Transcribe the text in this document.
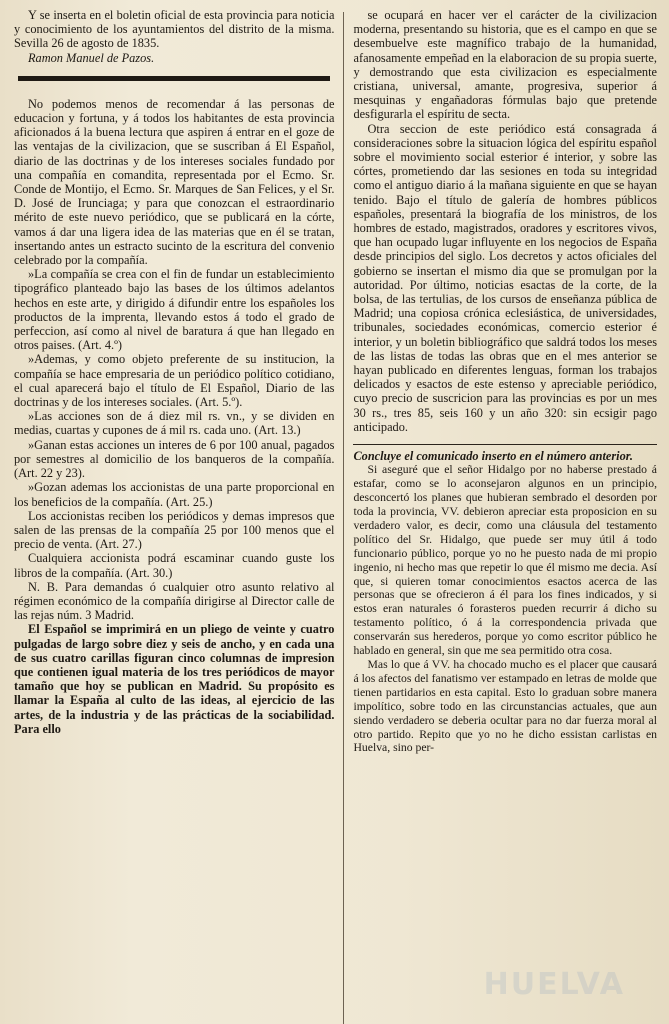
Y se inserta en el boletin oficial de esta provincia para noticia y conocimiento de los ayuntamientos del distrito de la misma. Sevilla 26 de agosto de 1835.

Ramon Manuel de Pazos.

No podemos menos de recomendar á las personas de educacion y fortuna, y á todos los habitantes de esta provincia aficionados á la buena lectura que aspiren á entrar en el goze de las ventajas de la civilizacion, que se suscriban á El Español, diario de las doctrinas y de los intereses sociales fundado por una compañía en comandita, representada por el Ecmo. Sr. Conde de Montijo, el Ecmo. Sr. Marques de San Felices, y el Sr. D. José de Irunciaga; y para que conozcan el estraordinario mérito de este nuevo periódico, que se publicará en la córte, vamos á dar una ligera idea de las materias que en él se tratan, insertando antes un estracto sucinto de la escritura del convenio celebrado por la compañía.

»La compañía se crea con el fin de fundar un establecimiento tipográfico planteado bajo las bases de los últimos adelantos hechos en este arte, y dirigido á difundir entre los españoles los productos de la imprenta, llevando estos á todo el grado de perfeccion, así como al nivel de baratura á que han llegado en otros paises. (Art. 4.º)

»Ademas, y como objeto preferente de su institucion, la compañía se hace empresaria de un periódico político cotidiano, el cual aparecerá bajo el título de El Español, Diario de las doctrinas y de los intereses sociales. (Art. 5.º).

»Las acciones son de á diez mil rs. vn., y se dividen en medias, cuartas y cupones de á mil rs. cada uno. (Art. 13.)

»Ganan estas acciones un interes de 6 por 100 anual, pagados por semestres al domicilio de los banqueros de la compañía. (Art. 22 y 23).

»Gozan ademas los accionistas de una parte proporcional en los beneficios de la compañía. (Art. 25.)

Los accionistas reciben los periódicos y demas impresos que salen de las prensas de la compañía 25 por 100 menos que el precio de venta. (Art. 27.)

Cualquiera accionista podrá escaminar cuando guste los libros de la compañía. (Art. 30.)

N. B. Para demandas ó cualquier otro asunto relativo al régimen económico de la compañía dirigirse al Director calle de las rejas núm. 3 Madrid.

El Español se imprimirá en un pliego de veinte y cuatro pulgadas de largo sobre diez y seis de ancho, y en cada una de sus cuatro carillas figuran cinco columnas de impresion que contienen igual materia de los tres periódicos de mayor tamaño que hoy se publican en Madrid. Su propósito es llamar la España al culto de las ideas, al ejercicio de las artes, de la industria y de las prácticas de la sociabilidad. Para ello

se ocupará en hacer ver el carácter de la civilizacion moderna, presentando su historia, que es el campo en que se desembuelve este magnífico trabajo de la humanidad, afanosamente empeñad en la elaboracion de su propia suerte, y demostrando que esta civilizacion es especialmente cristiana, universal, amante, progresiva, superior á mesquinas y engañadoras fórmulas bajo que pretende desfigurarla el espíritu de secta.

Otra seccion de este periódico está consagrada á consideraciones sobre la situacion lógica del espíritu español sobre el movimiento social esterior é interior, y sobre las córtes, prometiendo dar las sesiones en toda su integridad como el antiguo diario á la mañana siguiente en que se hayan tenido. Bajo el título de galería de hombres públicos españoles, presentará la biografía de los ministros, de los hombres de estado, magistrados, oradores y escritores vivos, que han ocupado lugar influyente en los negocios de España desde principios del siglo. Los decretos y actos oficiales del gobierno se insertan el mismo dia que se promulgan por la autoridad. Por último, noticias esactas de la corte, de la bolsa, de las tertulias, de los cursos de enseñanza pública de Madrid; una copiosa crónica eclesiástica, de universidades, tribunales, sociedades económicas, comercio esterior é interior, y un boletin bibliográfico que saldrá todos los meses de las listas de todas las obras que en el mes anterior se hayan publicado en diferentes lenguas, forman los trabajos delicados y esactos de este estenso y apreciable periódico, cuyo precio de suscricion para las provincias es por un mes 30 rs., tres 85, seis 160 y un año 320: sin ecsigir pago anticipado.

Concluye el comunicado inserto en el número anterior.

Si aseguré que el señor Hidalgo por no haberse prestado á estafar, como se lo aconsejaron algunos en un principio, desconcertó los planes que hubieran sembrado el desorden por toda la provincia, VV. debieron apreciar esta proposicion en su verdadero valor, es decir, como una cláusula del testamento político del Sr. Hidalgo, que puede ser muy útil á todo funcionario público, porque yo no he puesto nada de mi propio ingenio, ni hecho mas que repetir lo que él mismo me decia. Así que, si quieren tomar conocimientos esactos acerca de las personas que se ofrecieron á él para los fines indicados, y si estos eran naturales ó forasteros pueden recurrir á dicho su testamento político, ó á la correspondencia privada que conservarán sus herederos, porque yo como escritor público he hablado en general, sin que me sea permitido otra cosa.

Mas lo que á VV. ha chocado mucho es el placer que causará á los afectos del fanatismo ver estampado en letras de molde que tienen partidarios en esta capital. Esto lo graduan sobre manera impolítico, sobre todo en las circunstancias actuales, que aun siendo verdadero se deberia ocultar para no dar fuerza moral al otro partido. Repito que yo no he dicho essistan carlistas en Huelva, sino per-

HUELVA
